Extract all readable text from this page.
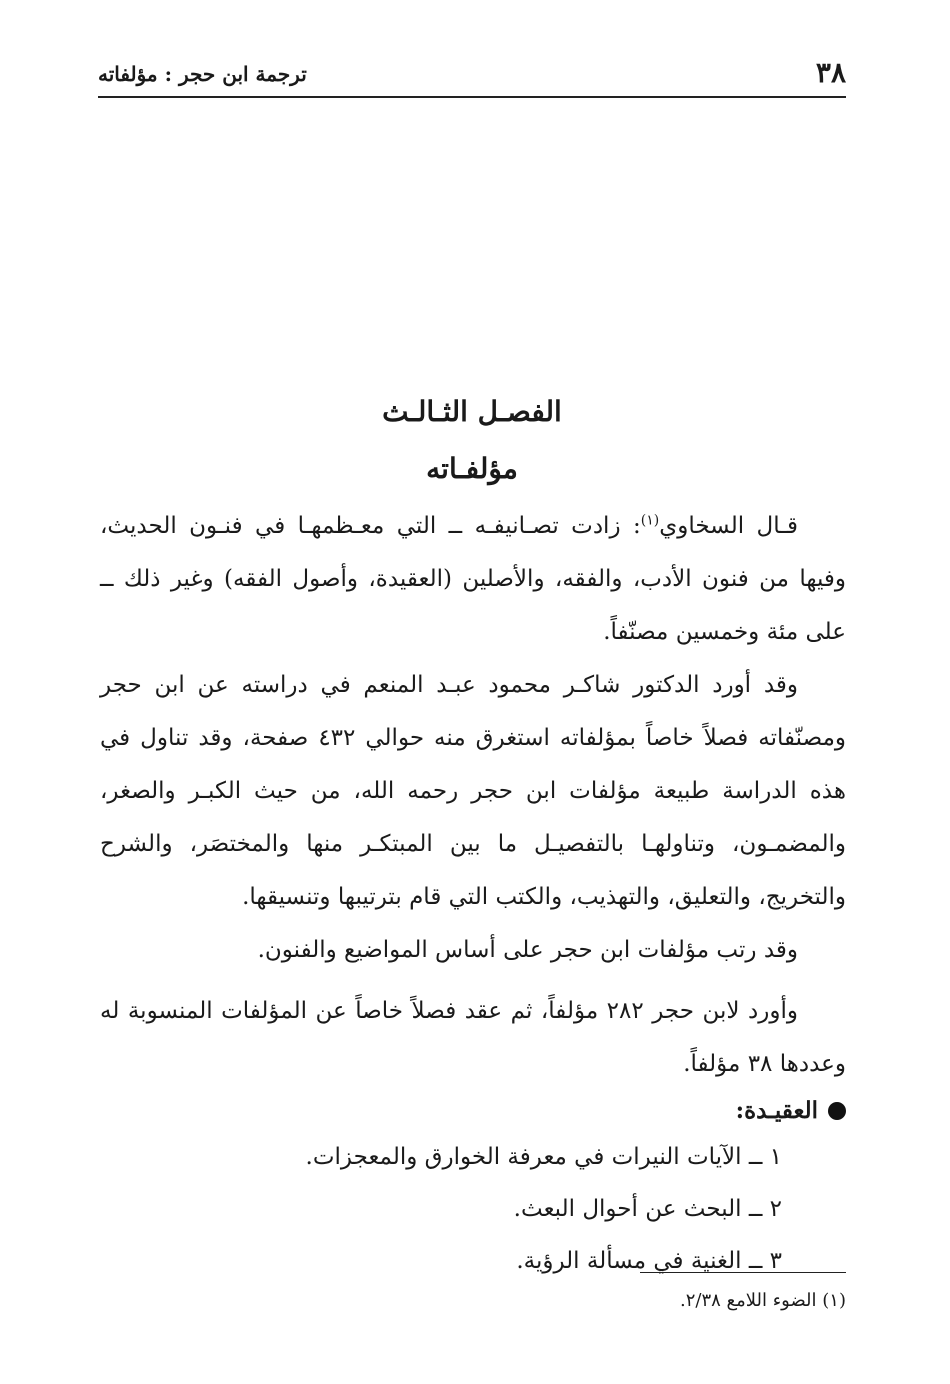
٣٨
ترجمة ابن حجر : مؤلفاته
الفصـل الثـالـث
مؤلفـاته

قـال السخاوي$^{(١)}$: زادت تصـانيفـه ــ التي معـظمهـا في فنـون الحديث، وفيها من فنون الأدب، والفقه، والأصلين (العقيدة، وأصول الفقه) وغير ذلك ــ على مئة وخمسين مصنّفاً.

وقد أورد الدكتور شاكـر محمود عبـد المنعم في دراسته عن ابن حجر ومصنّفاته فصلاً خاصاً بمؤلفاته استغرق منه حوالي ٤٣٢ صفحة، وقد تناول في هذه الدراسة طبيعة مؤلفات ابن حجر رحمه الله، من حيث الكبـر والصغر، والمضمـون، وتناولهـا بالتفصيـل ما بين المبتكـر منها والمختصَر، والشرح والتخريج، والتعليق، والتهذيب، والكتب التي قام بترتيبها وتنسيقها.

وقد رتب مؤلفات ابن حجر على أساس المواضيع والفنون.

وأورد لابن حجر ٢٨٢ مؤلفاً، ثم عقد فصلاً خاصاً عن المؤلفات المنسوبة له وعددها ٣٨ مؤلفاً.

العقيـدة:
١ ــ الآيات النيرات في معرفة الخوارق والمعجزات.
٢ ــ البحث عن أحوال البعث.
٣ ــ الغنية في مسألة الرؤية.
(١) الضوء اللامع ٢/٣٨.
